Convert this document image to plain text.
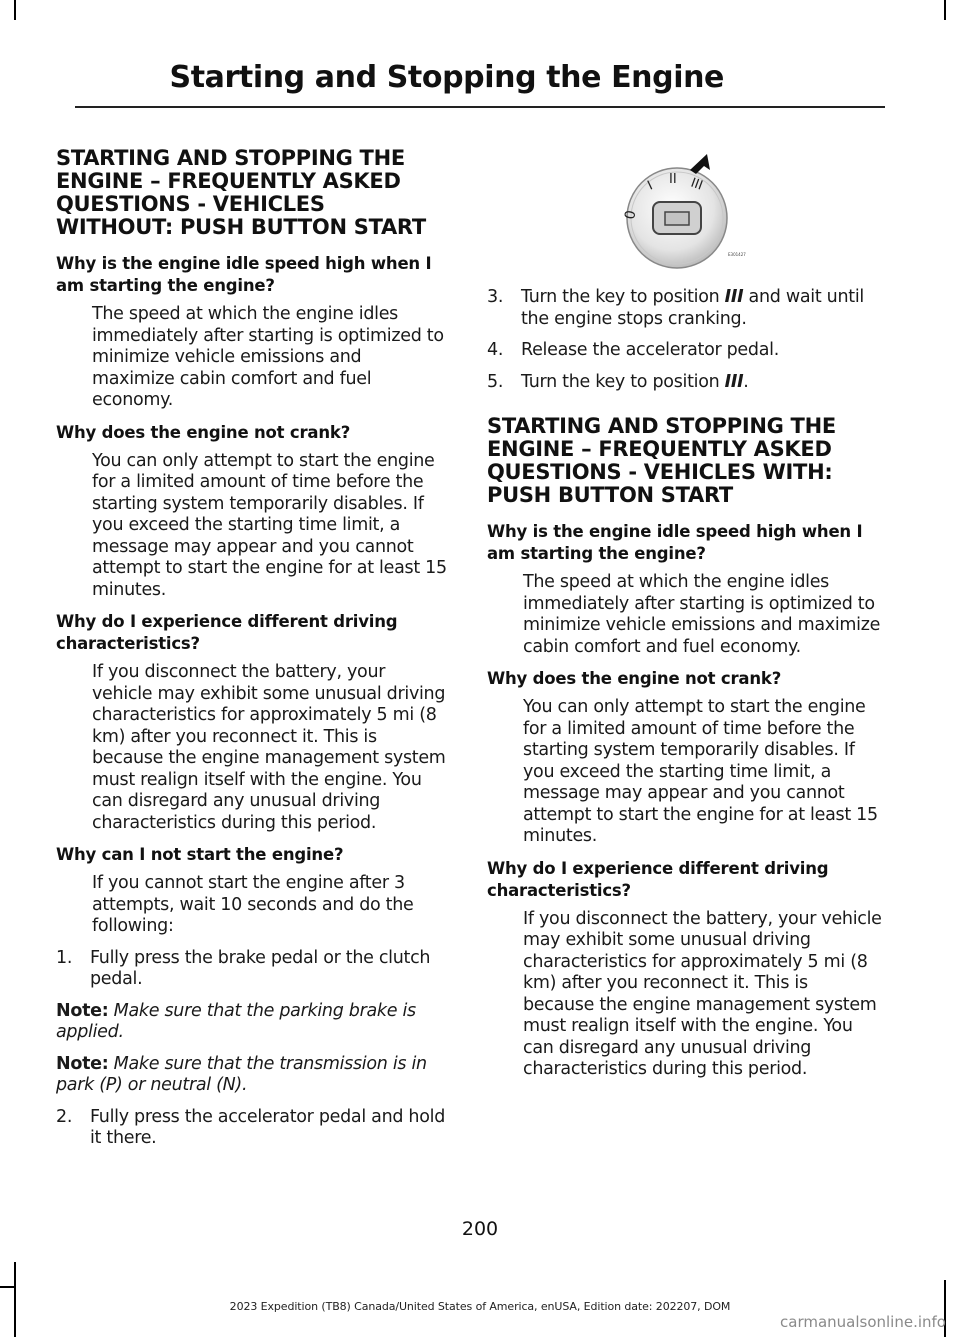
Starting and Stopping the Engine
STARTING AND STOPPING THE ENGINE – FREQUENTLY ASKED QUESTIONS - VEHICLES WITHOUT: PUSH BUTTON START
Why is the engine idle speed high when I am starting the engine?

The speed at which the engine idles immediately after starting is optimized to minimize vehicle emissions and maximize cabin comfort and fuel economy.

Why does the engine not crank?

You can only attempt to start the engine for a limited amount of time before the starting system temporarily disables. If you exceed the starting time limit, a message may appear and you cannot attempt to start the engine for at least 15 minutes.

Why do I experience different driving characteristics?

If you disconnect the battery, your vehicle may exhibit some unusual driving characteristics for approximately 5 mi (8 km) after you reconnect it. This is because the engine management system must realign itself with the engine. You can disregard any unusual driving characteristics during this period.

Why can I not start the engine?

If you cannot start the engine after 3 attempts, wait 10 seconds and do the following:

1.	Fully press the brake pedal or the clutch pedal.

Note: Make sure that the parking brake is applied.

Note: Make sure that the transmission is in park (P) or neutral (N).

2.	Fully press the accelerator pedal and hold it there.
0
I II III
E301427
3.	Turn the key to position III and wait until the engine stops cranking.
4.	Release the accelerator pedal.
5.	Turn the key to position III.
STARTING AND STOPPING THE ENGINE – FREQUENTLY ASKED QUESTIONS - VEHICLES WITH: PUSH BUTTON START
Why is the engine idle speed high when I am starting the engine?

The speed at which the engine idles immediately after starting is optimized to minimize vehicle emissions and maximize cabin comfort and fuel economy.

Why does the engine not crank?

You can only attempt to start the engine for a limited amount of time before the starting system temporarily disables. If you exceed the starting time limit, a message may appear and you cannot attempt to start the engine for at least 15 minutes.

Why do I experience different driving characteristics?

If you disconnect the battery, your vehicle may exhibit some unusual driving characteristics for approximately 5 mi (8 km) after you reconnect it. This is because the engine management system must realign itself with the engine. You can disregard any unusual driving characteristics during this period.

200
2023 Expedition (TB8) Canada/United States of America, enUSA, Edition date: 202207, DOM
carmanualsonline.info
